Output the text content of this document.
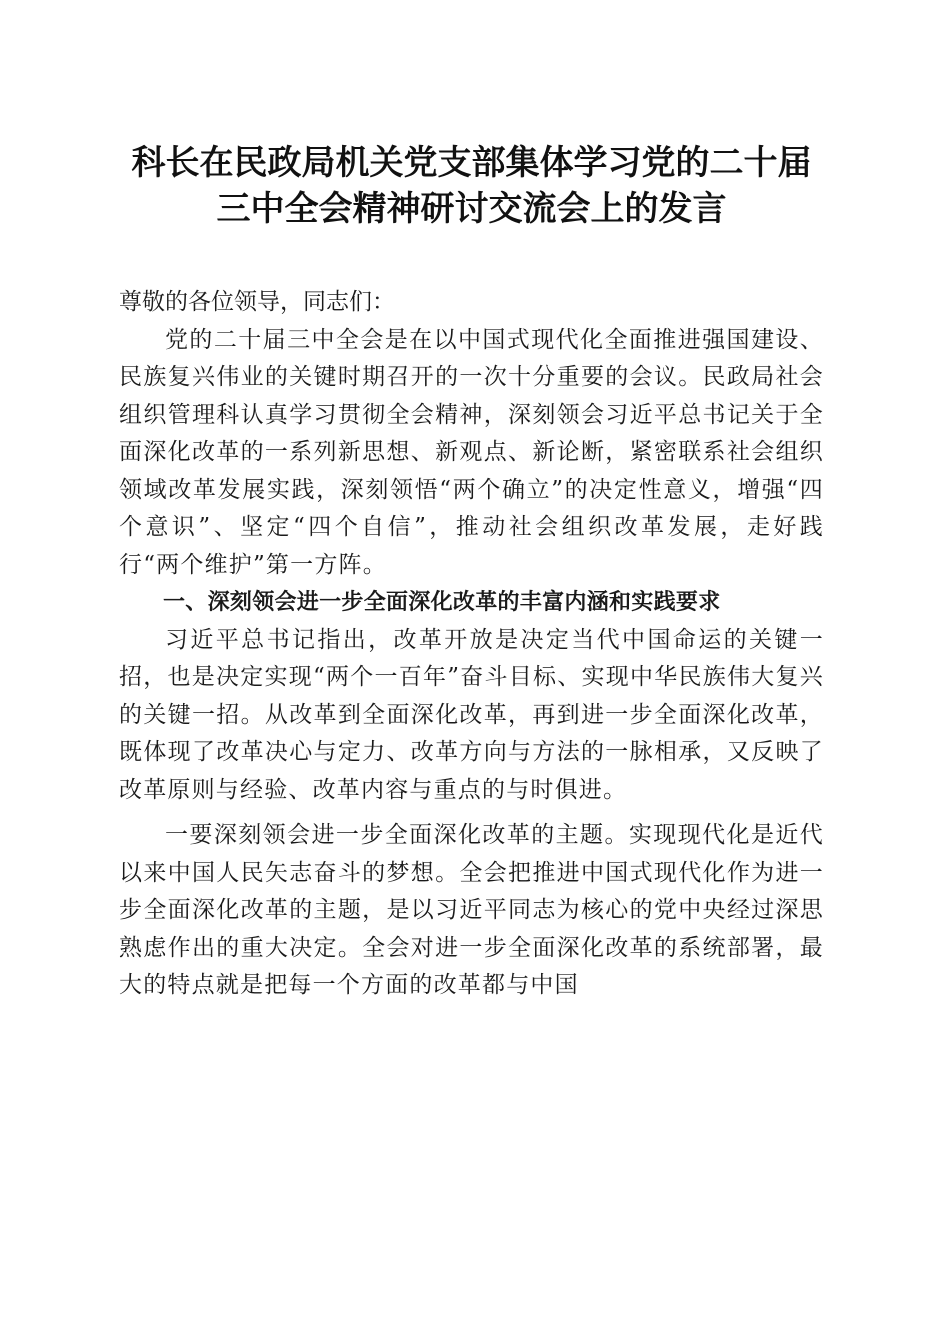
科长在民政局机关党支部集体学习党的二十届
三中全会精神研讨交流会上的发言

尊敬的各位领导，同志们：

党的二十届三中全会是在以中国式现代化全面推进强国建设、民族复兴伟业的关键时期召开的一次十分重要的会议。民政局社会组织管理科认真学习贯彻全会精神，深刻领会习近平总书记关于全面深化改革的一系列新思想、新观点、新论断，紧密联系社会组织领域改革发展实践，深刻领悟“两个确立”的决定性意义，增强“四个意识”、坚定“四个自信”，推动社会组织改革发展，走好践行“两个维护”第一方阵。

一、深刻领会进一步全面深化改革的丰富内涵和实践要求

习近平总书记指出，改革开放是决定当代中国命运的关键一招，也是决定实现“两个一百年”奋斗目标、实现中华民族伟大复兴的关键一招。从改革到全面深化改革，再到进一步全面深化改革，既体现了改革决心与定力、改革方向与方法的一脉相承，又反映了改革原则与经验、改革内容与重点的与时俱进。

一要深刻领会进一步全面深化改革的主题。实现现代化是近代以来中国人民矢志奋斗的梦想。全会把推进中国式现代化作为进一步全面深化改革的主题，是以习近平同志为核心的党中央经过深思熟虑作出的重大决定。全会对进一步全面深化改革的系统部署，最大的特点就是把每一个方面的改革都与中国
